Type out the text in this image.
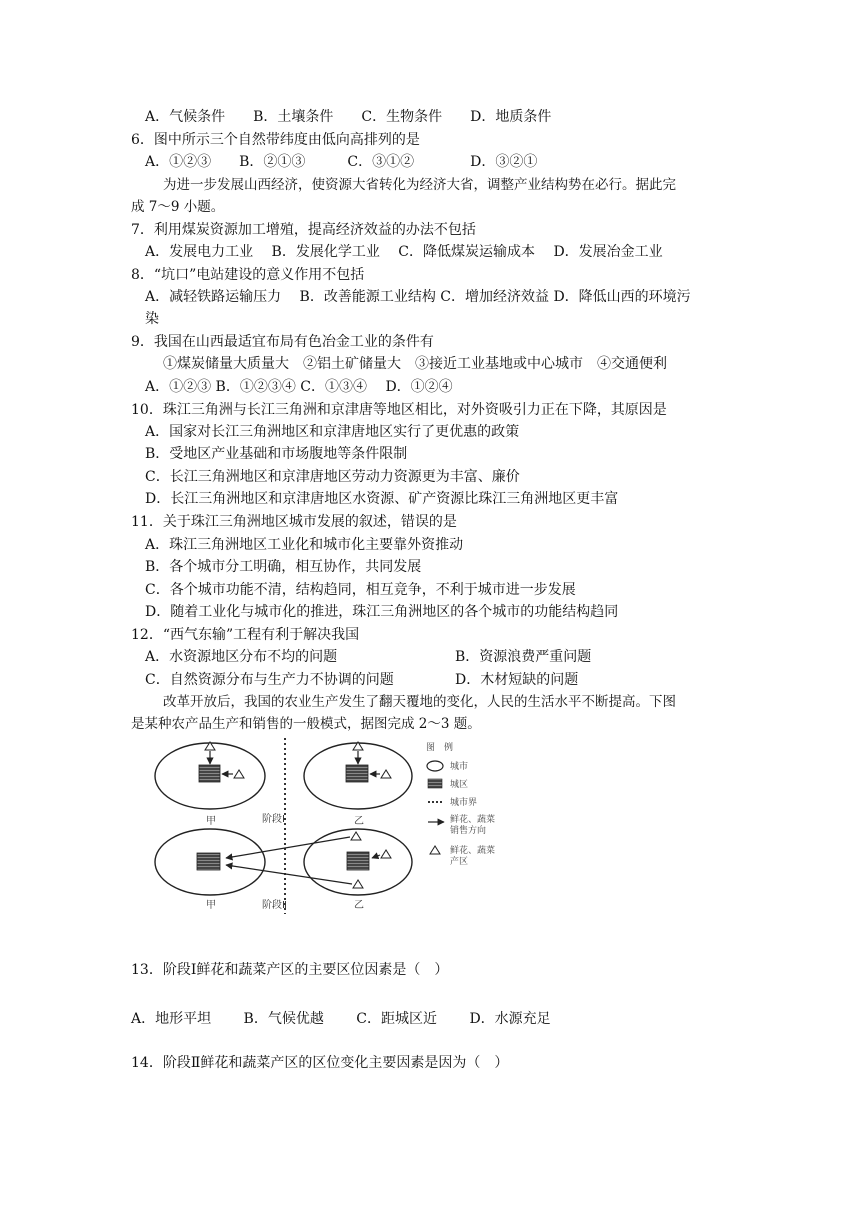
A．气候条件　　B．土壤条件　　C．生物条件　　D．地质条件
6．图中所示三个自然带纬度由低向高排列的是
A．①②③　　B．②①③　　　C．③①②　　　　D．③②①
为进一步发展山西经济，使资源大省转化为经济大省，调整产业结构势在必行。据此完
成 7～9 小题。
7．利用煤炭资源加工增殖，提高经济效益的办法不包括
A．发展电力工业　 B．发展化学工业　 C．降低煤炭运输成本　 D．发展冶金工业
8．“坑口”电站建设的意义作用不包括
A．减轻铁路运输压力　 B．改善能源工业结构 C．增加经济效益 D．降低山西的环境污
染
9．我国在山西最适宜布局有色冶金工业的条件有
①煤炭储量大质量大　②铝土矿储量大　③接近工业基地或中心城市　④交通便利
A．①②③ B．①②③④ C．①③④　 D．①②④
10．珠江三角洲与长江三角洲和京津唐等地区相比，对外资吸引力正在下降，其原因是
A．国家对长江三角洲地区和京津唐地区实行了更优惠的政策
B．受地区产业基础和市场腹地等条件限制
C．长江三角洲地区和京津唐地区劳动力资源更为丰富、廉价
D．长江三角洲地区和京津唐地区水资源、矿产资源比珠江三角洲地区更丰富
11．关于珠江三角洲地区城市发展的叙述，错误的是
A．珠江三角洲地区工业化和城市化主要靠外资推动
B．各个城市分工明确，相互协作，共同发展
C．各个城市功能不清，结构趋同，相互竞争，不利于城市进一步发展
D．随着工业化与城市化的推进，珠江三角洲地区的各个城市的功能结构趋同
12．“西气东输”工程有利于解决我国
A．水资源地区分布不均的问题	B．资源浪费严重问题
C．自然资源分布与生产力不协调的问题	D．木材短缺的问题
改革开放后，我国的农业生产发生了翻天覆地的变化，人民的生活水平不断提高。下图
是某种农产品生产和销售的一般模式，据图完成 2～3 题。
甲	阶段Ⅰ	乙
甲	阶段Ⅱ	乙
图　例
城市
城区
城市界
鲜花、蔬菜
销售方向
鲜花、蔬菜
产区
13．阶段Ⅰ鲜花和蔬菜产区的主要区位因素是（　）
A．地形平坦　　 B．气候优越　　 C．距城区近　　 D．水源充足
14．阶段Ⅱ鲜花和蔬菜产区的区位变化主要因素是因为（　）
